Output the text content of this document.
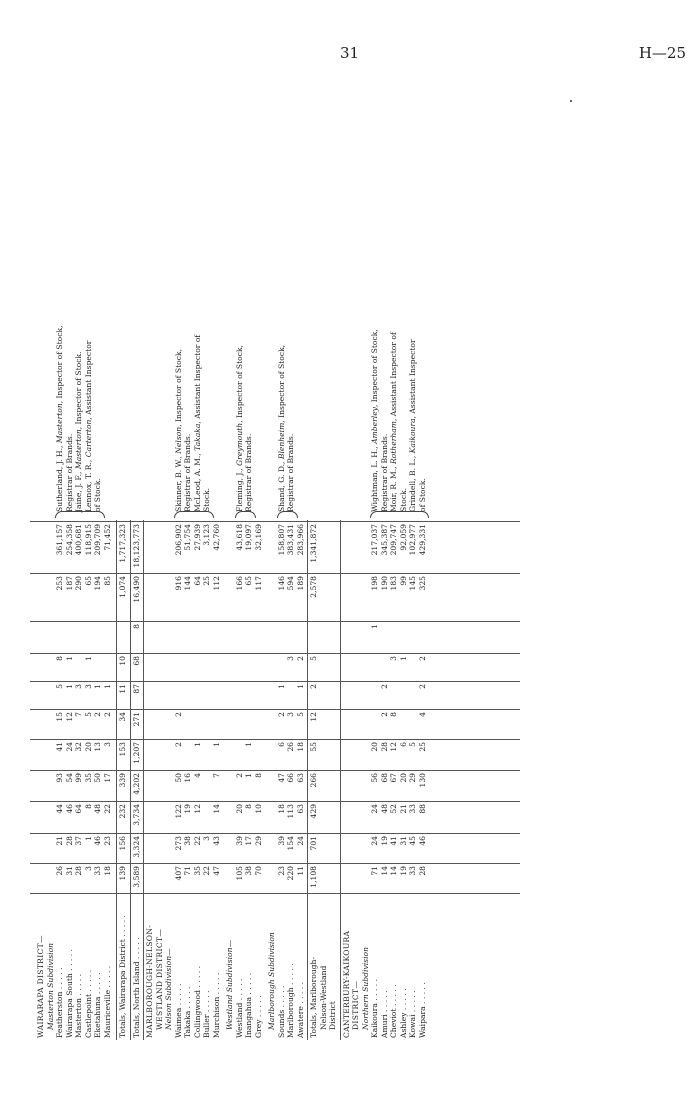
31	H—25
WAIRARAPA DISTRICT— Masterton Subdivision Featherston . . . . .
26
21
44
93
41
15
5
8
253
361,157
Wairarapa South . . . . .
31
28
46
54
24
12
1
1
187
254,358
Masterton . . . . .
28
37
64
99
32
7
3
290
400,681
Castlepoint . . . . .
3
1
8
35
20
5
3
1
65
118,915
Eketahuna . . . . .
33
46
48
50
13
2
1
194
209,709
Mauriceville . . . . .
18
23
22
17
3
2
1
85
71,452
Sutherland, J. H., Masterton, Inspector of Stock,
Registrar of Brands. Jaine, J. F., Masterton, Inspector of Stock.
Lennox, T. R., Carterton, Assistant Inspector
of Stock.
Totals, Wairarapa District . . . . .
139
156
232
339
153
34
11
10
1,074
1,717,323
Totals, North Island . . . . .
3,589
3,324
3,734
4,202
1,207
271
87
68
8
16,490
18,123,773
MARLBOROUGH-NELSON- WESTLAND DISTRICT— Nelson Subdivision— Waimea . . . . .
407
273
122
50
2
2
916
206,902
Takaka . . . . .
71
38
19
16
144
51,754
Collingwood . . . . .
35
22
12
4
1
64
27,939
Buller . . . . .
22
3
25
3,123
Murchison . . . . .
47
43
14
7
1
112
42,760
Skinner, B. W., Nelson, Inspector of Stock,
Registrar of Brands. McLeod, A. M., Takaka, Assistant Inspector of
Stock.
Westland Subdivision— Westland . . . . .
105
39
20
2
166
43,618
Inangahua . . . . .
38
17
8
1
1
65
19,097
Grey . . . . .
70
29
10
8
117
32,169
Fleming, J., Greymouth, Inspector of Stock,
Registrar of Brands.
Marlborough Subdivision Sounds . . . . .
23
39
18
47
6
2
1
146
158,807
Marlborough . . . . .
220
154
113
66
26
3
3
594
383,431
Awatere . . . . .
11
24
63
63
18
5
1
2
189
283,966
Shand, G. D., Blenheim, Inspector of Stock,
Registrar of Brands.
Totals, Marlborough-
1,108
701
429
266
55
12
2
5
2,578
1,341,872
Nelson-Westland District CANTERBURY-KAIKOURA DISTRICT— Northern Subdivision Kaikoura . . . . .
71
24
24
56
20
1
198
217,037
Amuri . . . . .
14
19
48
68
28
2
2
190
345,387
Cheviot . . . . .
14
41
52
67
12
8
3
183
209,747
Ashley . . . . .
19
31
21
20
6
1
99
92,059
Kowai . . . . .
33
45
33
29
5
145
102,977
Waipara . . . . .
28
46
88
130
25
4
2
2
325
429,331
Wightman, L. H., Amberley, Inspector of Stock,
Registrar of Brands. Moir, R. M., Rotherham, Assistant Inspector of
Stock. Grindell, B. L., Kaikoura, Assistant Inspector
of Stock.
